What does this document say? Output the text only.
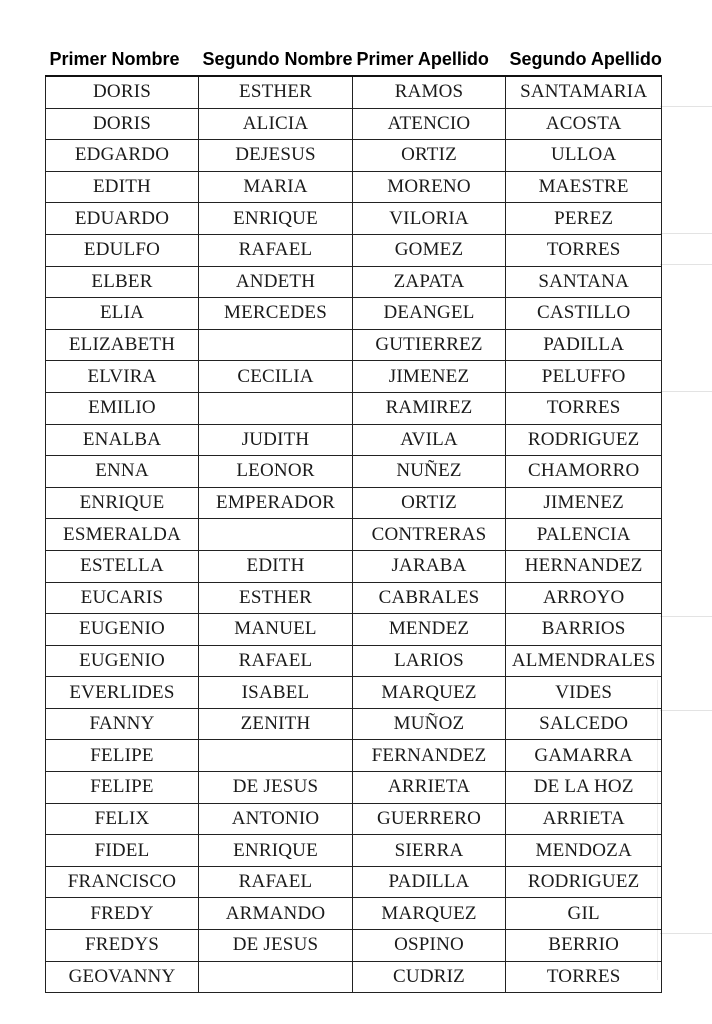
Primer Nombre	Segundo Nombre	Primer Apellido	Segundo Apellido
DORIS	ESTHER	RAMOS	SANTAMARIA
DORIS	ALICIA	ATENCIO	ACOSTA
EDGARDO	DEJESUS	ORTIZ	ULLOA
EDITH	MARIA	MORENO	MAESTRE
EDUARDO	ENRIQUE	VILORIA	PEREZ
EDULFO	RAFAEL	GOMEZ	TORRES
ELBER	ANDETH	ZAPATA	SANTANA
ELIA	MERCEDES	DEANGEL	CASTILLO
ELIZABETH		GUTIERREZ	PADILLA
ELVIRA	CECILIA	JIMENEZ	PELUFFO
EMILIO		RAMIREZ	TORRES
ENALBA	JUDITH	AVILA	RODRIGUEZ
ENNA	LEONOR	NUÑEZ	CHAMORRO
ENRIQUE	EMPERADOR	ORTIZ	JIMENEZ
ESMERALDA		CONTRERAS	PALENCIA
ESTELLA	EDITH	JARABA	HERNANDEZ
EUCARIS	ESTHER	CABRALES	ARROYO
EUGENIO	MANUEL	MENDEZ	BARRIOS
EUGENIO	RAFAEL	LARIOS	ALMENDRALES
EVERLIDES	ISABEL	MARQUEZ	VIDES
FANNY	ZENITH	MUÑOZ	SALCEDO
FELIPE		FERNANDEZ	GAMARRA
FELIPE	DE JESUS	ARRIETA	DE LA HOZ
FELIX	ANTONIO	GUERRERO	ARRIETA
FIDEL	ENRIQUE	SIERRA	MENDOZA
FRANCISCO	RAFAEL	PADILLA	RODRIGUEZ
FREDY	ARMANDO	MARQUEZ	GIL
FREDYS	DE JESUS	OSPINO	BERRIO
GEOVANNY		CUDRIZ	TORRES
